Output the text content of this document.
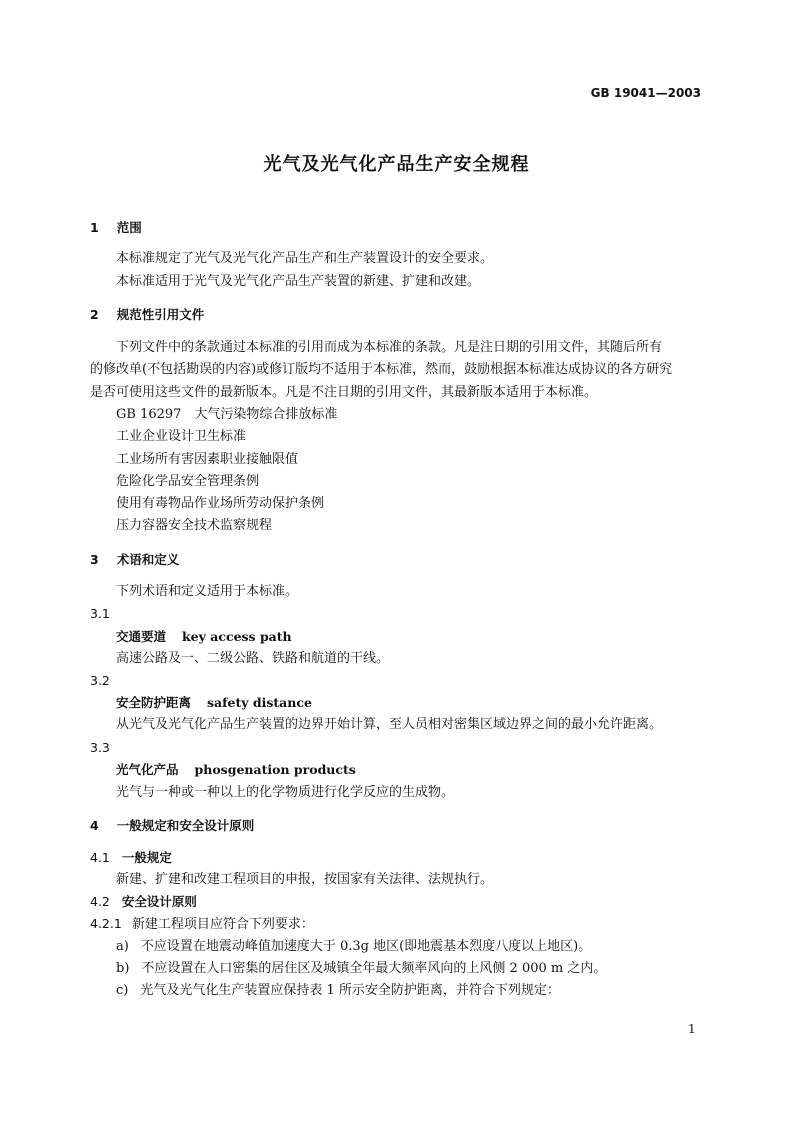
GB 19041—2003
光气及光气化产品生产安全规程
1 范围
本标准规定了光气及光气化产品生产和生产装置设计的安全要求。
本标准适用于光气及光气化产品生产装置的新建、扩建和改建。
2 规范性引用文件
下列文件中的条款通过本标准的引用而成为本标准的条款。凡是注日期的引用文件，其随后所有
的修改单(不包括勘误的内容)或修订版均不适用于本标准，然而，鼓励根据本标准达成协议的各方研究
是否可使用这些文件的最新版本。凡是不注日期的引用文件，其最新版本适用于本标准。
GB 16297　大气污染物综合排放标准
工业企业设计卫生标准
工业场所有害因素职业接触限值
危险化学品安全管理条例
使用有毒物品作业场所劳动保护条例
压力容器安全技术监察规程
3 术语和定义
下列术语和定义适用于本标准。
3.1
交通要道 key access path
高速公路及一、二级公路、铁路和航道的干线。
3.2
安全防护距离 safety distance
从光气及光气化产品生产装置的边界开始计算，至人员相对密集区域边界之间的最小允许距离。
3.3
光气化产品 phosgenation products
光气与一种或一种以上的化学物质进行化学反应的生成物。
4 一般规定和安全设计原则
4.1 一般规定
新建、扩建和改建工程项目的申报，按国家有关法律、法规执行。
4.2 安全设计原则
4.2.1 新建工程项目应符合下列要求：
a) 不应设置在地震动峰值加速度大于 0.3g 地区(即地震基本烈度八度以上地区)。
b) 不应设置在人口密集的居住区及城镇全年最大频率风向的上风侧 2 000 m 之内。
c) 光气及光气化生产装置应保持表 1 所示安全防护距离，并符合下列规定：
1
